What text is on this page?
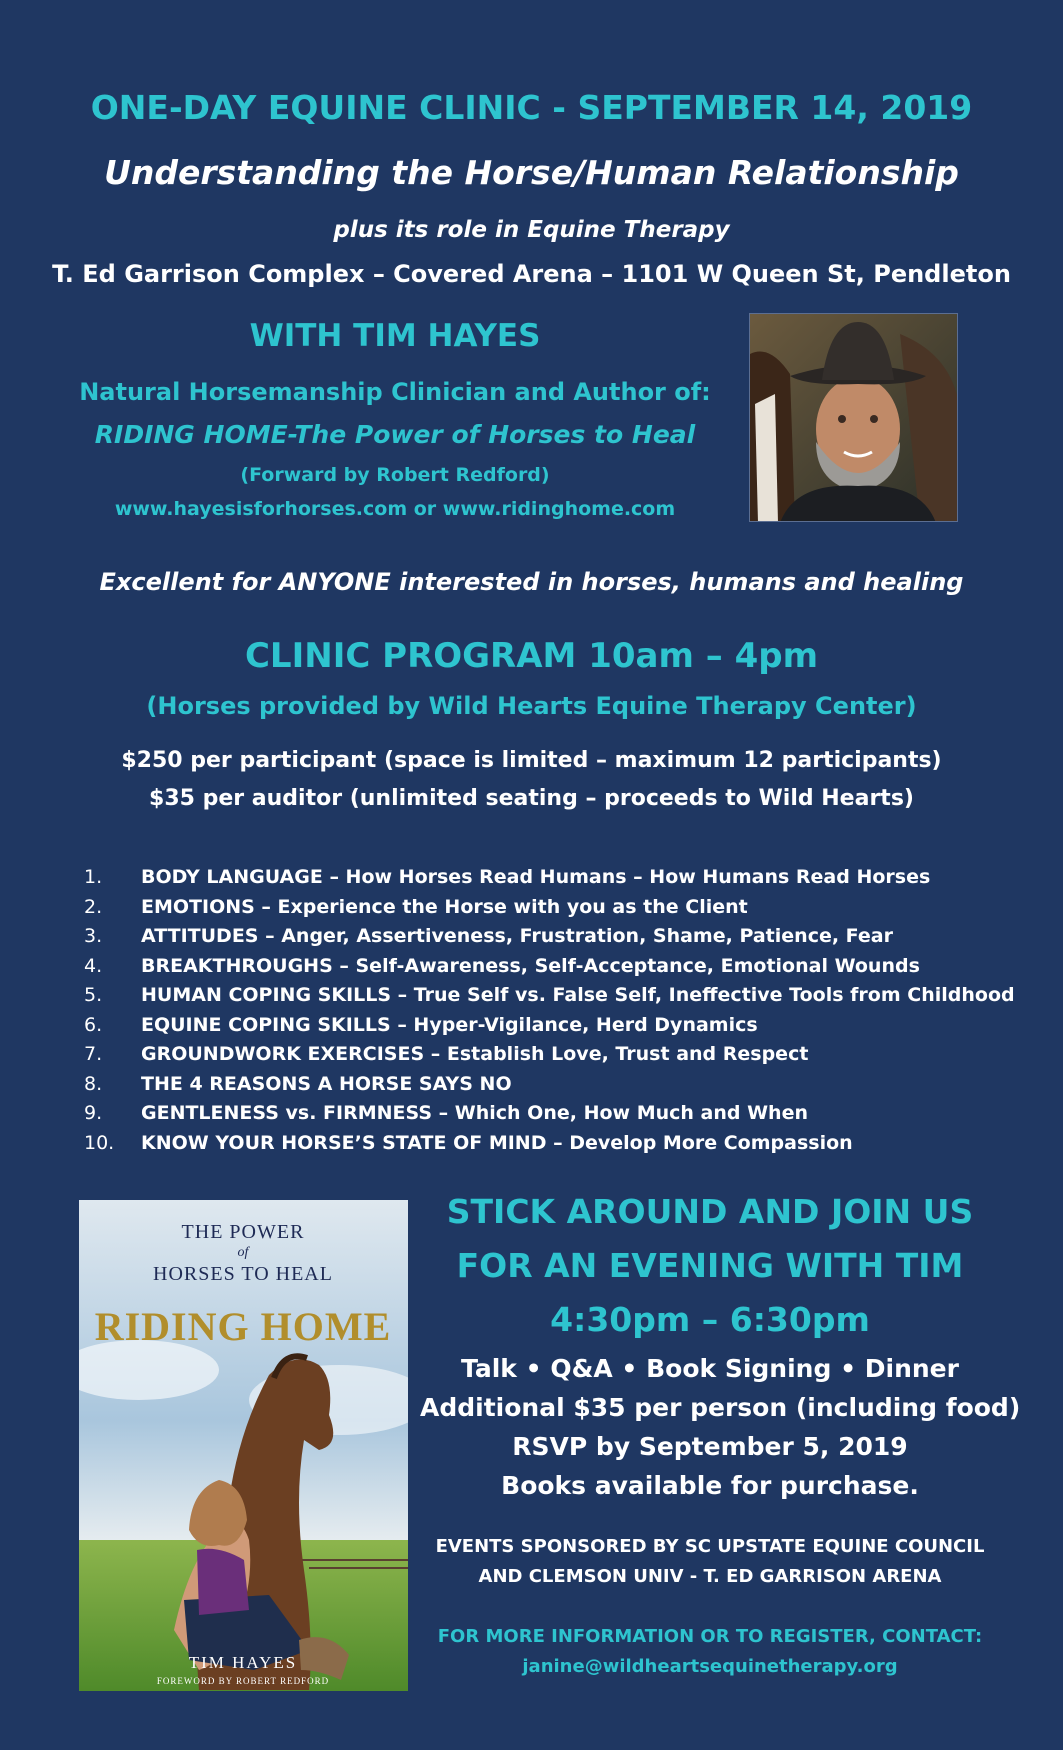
ONE-DAY EQUINE CLINIC - SEPTEMBER 14, 2019
Understanding the Horse/Human Relationship
plus its role in Equine Therapy
T. Ed Garrison Complex – Covered Arena – 1101 W Queen St, Pendleton
WITH TIM HAYES
Natural Horsemanship Clinician and Author of:
RIDING HOME-The Power of Horses to Heal
(Forward by Robert Redford)
www.hayesisforhorses.com or www.ridinghome.com
Excellent for ANYONE interested in horses, humans and healing
CLINIC PROGRAM 10am – 4pm
(Horses provided by Wild Hearts Equine Therapy Center)
$250 per participant (space is limited – maximum 12 participants)
$35 per auditor (unlimited seating – proceeds to Wild Hearts)
1. BODY LANGUAGE – How Horses Read Humans – How Humans Read Horses
2. EMOTIONS – Experience the Horse with you as the Client
3. ATTITUDES – Anger, Assertiveness, Frustration, Shame, Patience, Fear
4. BREAKTHROUGHS – Self-Awareness, Self-Acceptance, Emotional Wounds
5. HUMAN COPING SKILLS – True Self vs. False Self, Ineffective Tools from Childhood
6. EQUINE COPING SKILLS – Hyper-Vigilance, Herd Dynamics
7. GROUNDWORK EXERCISES – Establish Love, Trust and Respect
8. THE 4 REASONS A HORSE SAYS NO
9. GENTLENESS vs. FIRMNESS – Which One, How Much and When
10. KNOW YOUR HORSE’S STATE OF MIND – Develop More Compassion
THE POWER
of
HORSES TO HEAL
RIDING HOME
TIM HAYES
FOREWORD BY ROBERT REDFORD
STICK AROUND AND JOIN US
FOR AN EVENING WITH TIM
4:30pm – 6:30pm
Talk • Q&A • Book Signing • Dinner
Additional $35 per person (including food)
RSVP by September 5, 2019
Books available for purchase.
EVENTS SPONSORED BY SC UPSTATE EQUINE COUNCIL
AND CLEMSON UNIV - T. ED GARRISON ARENA
FOR MORE INFORMATION OR TO REGISTER, CONTACT:
janine@wildheartsequinetherapy.org
